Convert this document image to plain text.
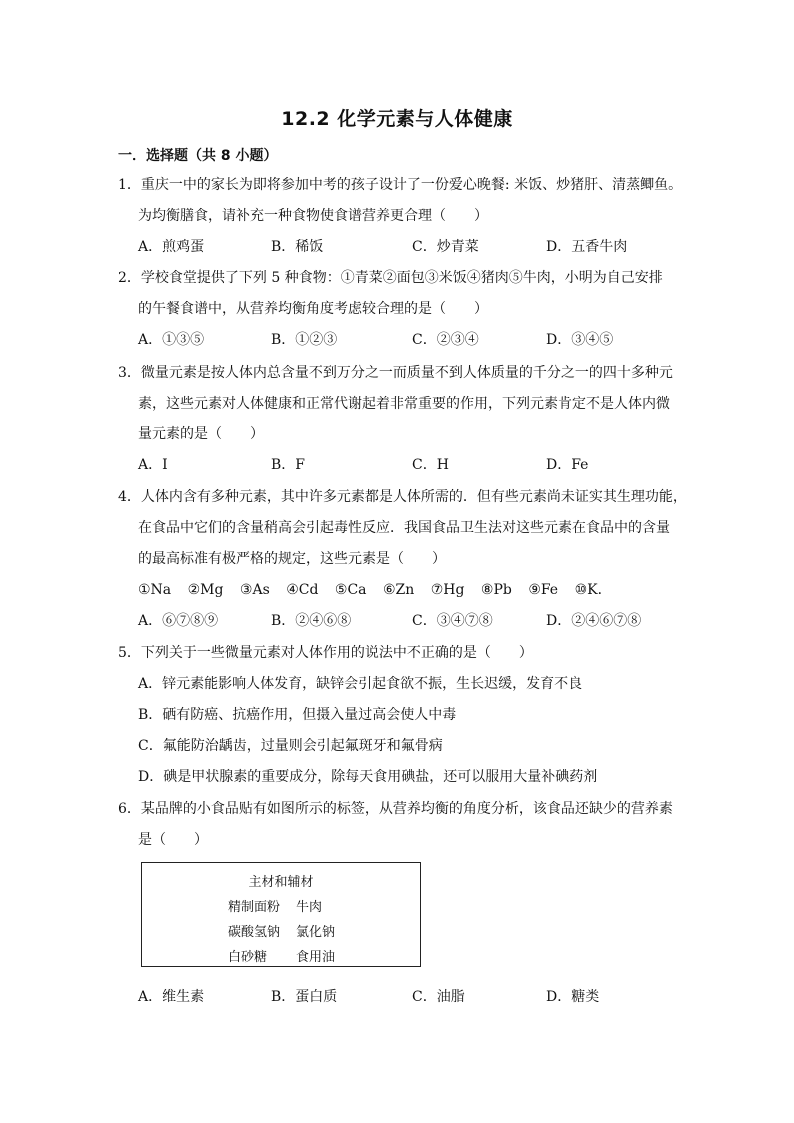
12.2 化学元素与人体健康
一．选择题（共 8 小题）
1．重庆一中的家长为即将参加中考的孩子设计了一份爱心晚餐: 米饭、炒猪肝、清蒸鲫鱼。
为均衡膳食，请补充一种食物使食谱营养更合理（　　）
A．煎鸡蛋	B．稀饭	C．炒青菜	D．五香牛肉
2．学校食堂提供了下列 5 种食物：①青菜②面包③米饭④猪肉⑤牛肉，小明为自己安排
的午餐食谱中，从营养均衡角度考虑较合理的是（　　）
A．①③⑤	B．①②③	C．②③④	D．③④⑤
3．微量元素是按人体内总含量不到万分之一而质量不到人体质量的千分之一的四十多种元
素，这些元素对人体健康和正常代谢起着非常重要的作用，下列元素肯定不是人体内微
量元素的是（　　）
A．I	B．F	C．H	D．Fe
4．人体内含有多种元素，其中许多元素都是人体所需的．但有些元素尚未证实其生理功能，
在食品中它们的含量稍高会引起毒性反应．我国食品卫生法对这些元素在食品中的含量
的最高标准有极严格的规定，这些元素是（　　）
①Na ②Mg ③As ④Cd ⑤Ca ⑥Zn ⑦Hg ⑧Pb ⑨Fe ⑩K．
A．⑥⑦⑧⑨	B．②④⑥⑧	C．③④⑦⑧	D．②④⑥⑦⑧
5．下列关于一些微量元素对人体作用的说法中不正确的是（　　）
A．锌元素能影响人体发育，缺锌会引起食欲不振，生长迟缓，发育不良
B．硒有防癌、抗癌作用，但摄入量过高会使人中毒
C．氟能防治龋齿，过量则会引起氟斑牙和氟骨病
D．碘是甲状腺素的重要成分，除每天食用碘盐，还可以服用大量补碘药剂
6．某品牌的小食品贴有如图所示的标签，从营养均衡的角度分析，该食品还缺少的营养素
是（　　）
主材和辅材
精制面粉 牛肉
碳酸氢钠 氯化钠
白砂糖 食用油
A．维生素	B．蛋白质	C．油脂	D．糖类
